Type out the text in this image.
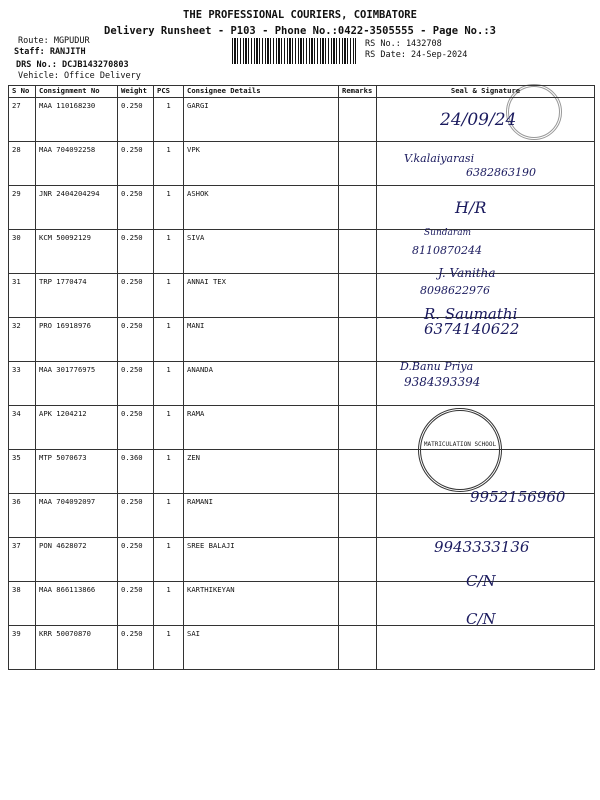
THE PROFESSIONAL COURIERS, COIMBATORE
Delivery Runsheet - P103 - Phone No.:0422-3505555 - Page No.:3
Route: MGPUDUR
Staff: RANJITH
DRS No.: DCJB143270803
Vehicle: Office Delivery
RS No.: 1432708
RS Date: 24-Sep-2024
S No	Consignment No	Weight	PCS	Consignee Details	Remarks	Seal & Signature
27	MAA 110168230	0.250	1	GARGI		
28	MAA 704092258	0.250	1	VPK		
29	JNR 2404204294	0.250	1	ASHOK		
30	KCM 50092129	0.250	1	SIVA		
31	TRP 1770474	0.250	1	ANNAI TEX		
32	PRO 16918976	0.250	1	MANI		
33	MAA 301776975	0.250	1	ANANDA		
34	APK 1204212	0.250	1	RAMA		
35	MTP 5070673	0.360	1	ZEN		
36	MAA 704092097	0.250	1	RAMANI		
37	PON 4628072	0.250	1	SREE BALAJI		
38	MAA 866113866	0.250	1	KARTHIKEYAN		
39	KRR 50070870	0.250	1	SAI		
MATRICULATION SCHOOL
24/09/24
V.kalaiyarasi
6382863190
H/R
Sundaram
8110870244
J. Vanitha
8098622976
R. Saumathi
6374140622
D.Banu Priya
9384393394
9952156960
9943333136
C/N
C/N
